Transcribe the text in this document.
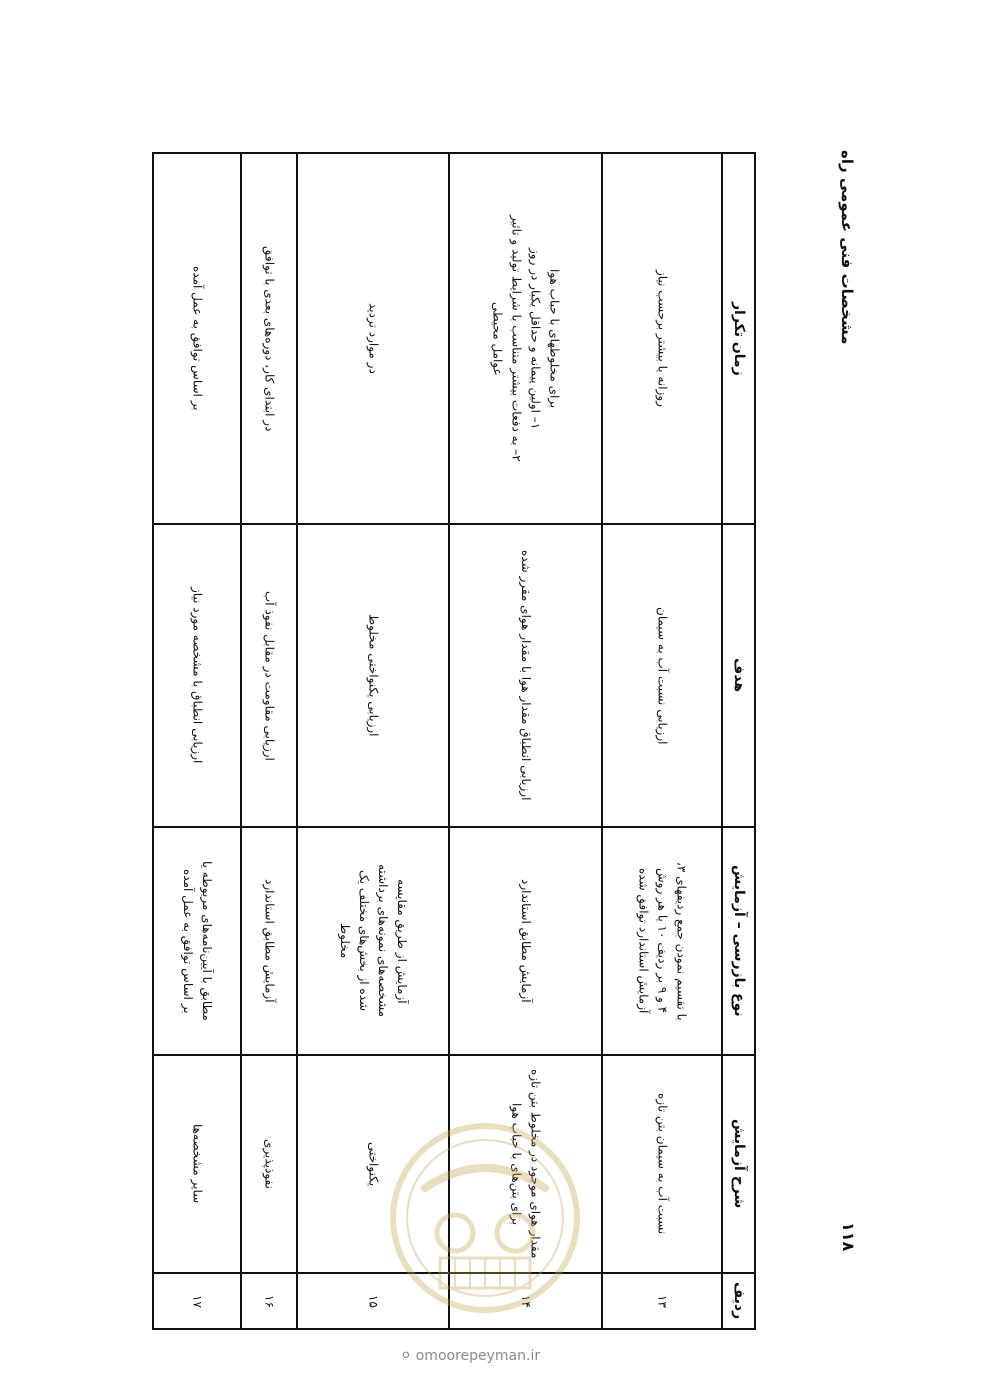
مشخصات فنی عمومی راه
۱۱۸
ردیف	شرح آزمایش	نوع بازرسی – آزمایش	هدف	زمان تکرار
۱۳	نسبت آب به سیمان بتن تازه	با تقسیم نمودن جمع ردیفهای ۳،
۴ و ۹ بر ردیف ۱۰ یا هر روش
آزمایش استاندارد توافق شده	ارزیابی نسبت آب به سیمان	روزانه یا بیشتر برحسب نیاز
۱۴	مقدار هوای موجود در مخلوط بتن تازه برای بتن‌های با حباب هوا	آزمایش مطابق استاندارد	ارزیابی انطباق مقدار هوا با مقدار هوای مقرر شده	برای مخلوطهای با حباب هوا
۱– اولین پیمانه و حداقل یکبار در روز
۲– به دفعات بیشتر متناسب با شرایط تولید و تاثیر
عوامل محیطی

۱۵	یکنواختی	آزمایش از طریق مقایسه
مشخصه‌های نمونه‌های برداشته
شده از بخش‌های مختلف یک
مخلوط	ارزیابی یکنواختی مخلوط	در موارد تردید
۱۶	نفوذپذیری	آزمایش مطابق استاندارد	ارزیابی مقاومت در مقابل نفوذ آب	در ابتدای کار، دوره‌های بعدی با توافق
۱۷	سایر مشخصه‌ها	مطابق با آیین‌نامه‌های مربوطه یا
بر اساس توافق به عمل آمده	ارزیابی انطباق با مشخصه مورد نیاز	بر اساس توافق به عمل آمده
⚪ omoorepeyman.ir
